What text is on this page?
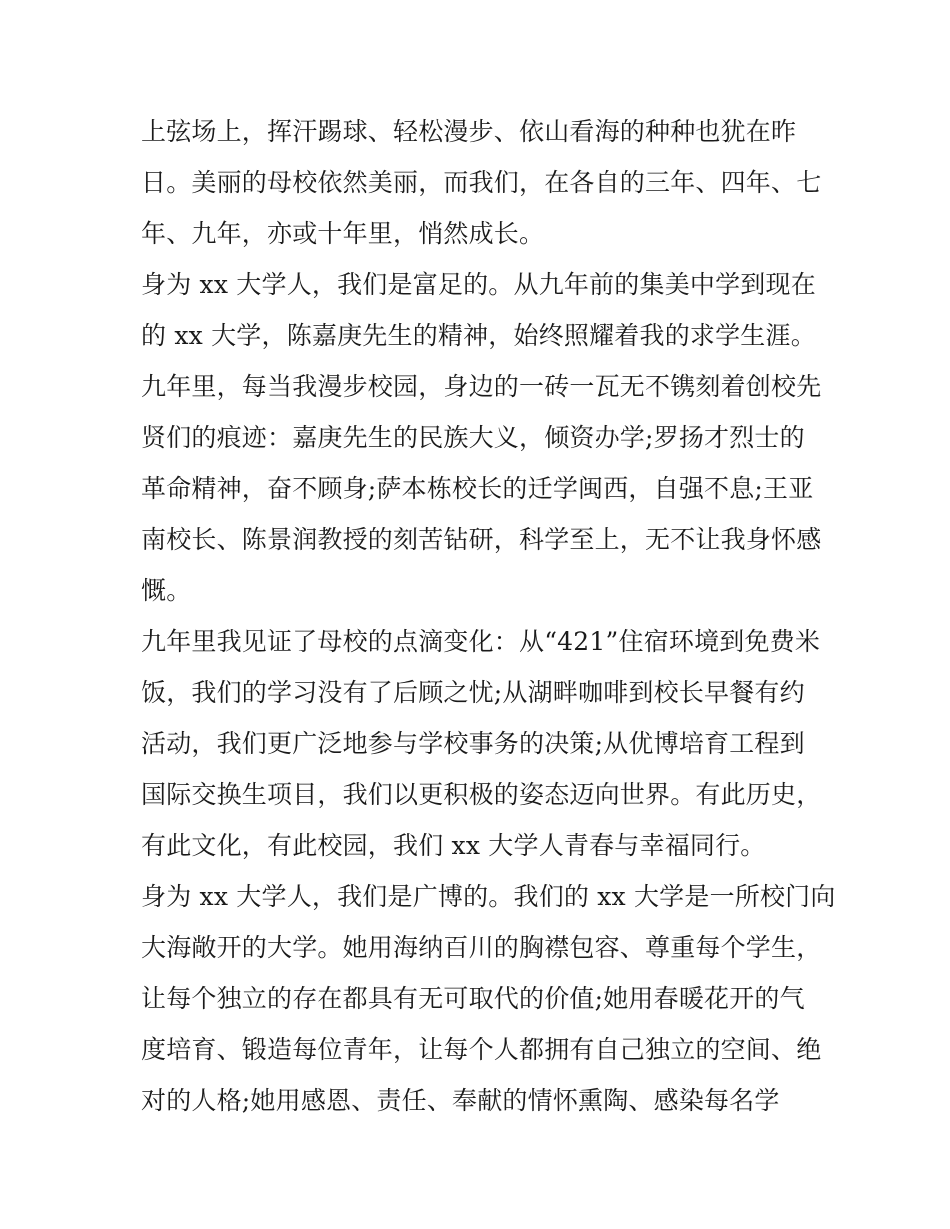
上弦场上，挥汗踢球、轻松漫步、依山看海的种种也犹在昨
日。美丽的母校依然美丽，而我们，在各自的三年、四年、七
年、九年，亦或十年里，悄然成长。
身为 xx 大学人，我们是富足的。从九年前的集美中学到现在
的 xx 大学，陈嘉庚先生的精神，始终照耀着我的求学生涯。
九年里，每当我漫步校园，身边的一砖一瓦无不镌刻着创校先
贤们的痕迹：嘉庚先生的民族大义，倾资办学;罗扬才烈士的
革命精神，奋不顾身;萨本栋校长的迁学闽西，自强不息;王亚
南校长、陈景润教授的刻苦钻研，科学至上，无不让我身怀感
慨。
九年里我见证了母校的点滴变化：从“421”住宿环境到免费米
饭，我们的学习没有了后顾之忧;从湖畔咖啡到校长早餐有约
活动，我们更广泛地参与学校事务的决策;从优博培育工程到
国际交换生项目，我们以更积极的姿态迈向世界。有此历史，
有此文化，有此校园，我们 xx 大学人青春与幸福同行。
身为 xx 大学人，我们是广博的。我们的 xx 大学是一所校门向
大海敞开的大学。她用海纳百川的胸襟包容、尊重每个学生，
让每个独立的存在都具有无可取代的价值;她用春暖花开的气
度培育、锻造每位青年，让每个人都拥有自己独立的空间、绝
对的人格;她用感恩、责任、奉献的情怀熏陶、感染每名学
